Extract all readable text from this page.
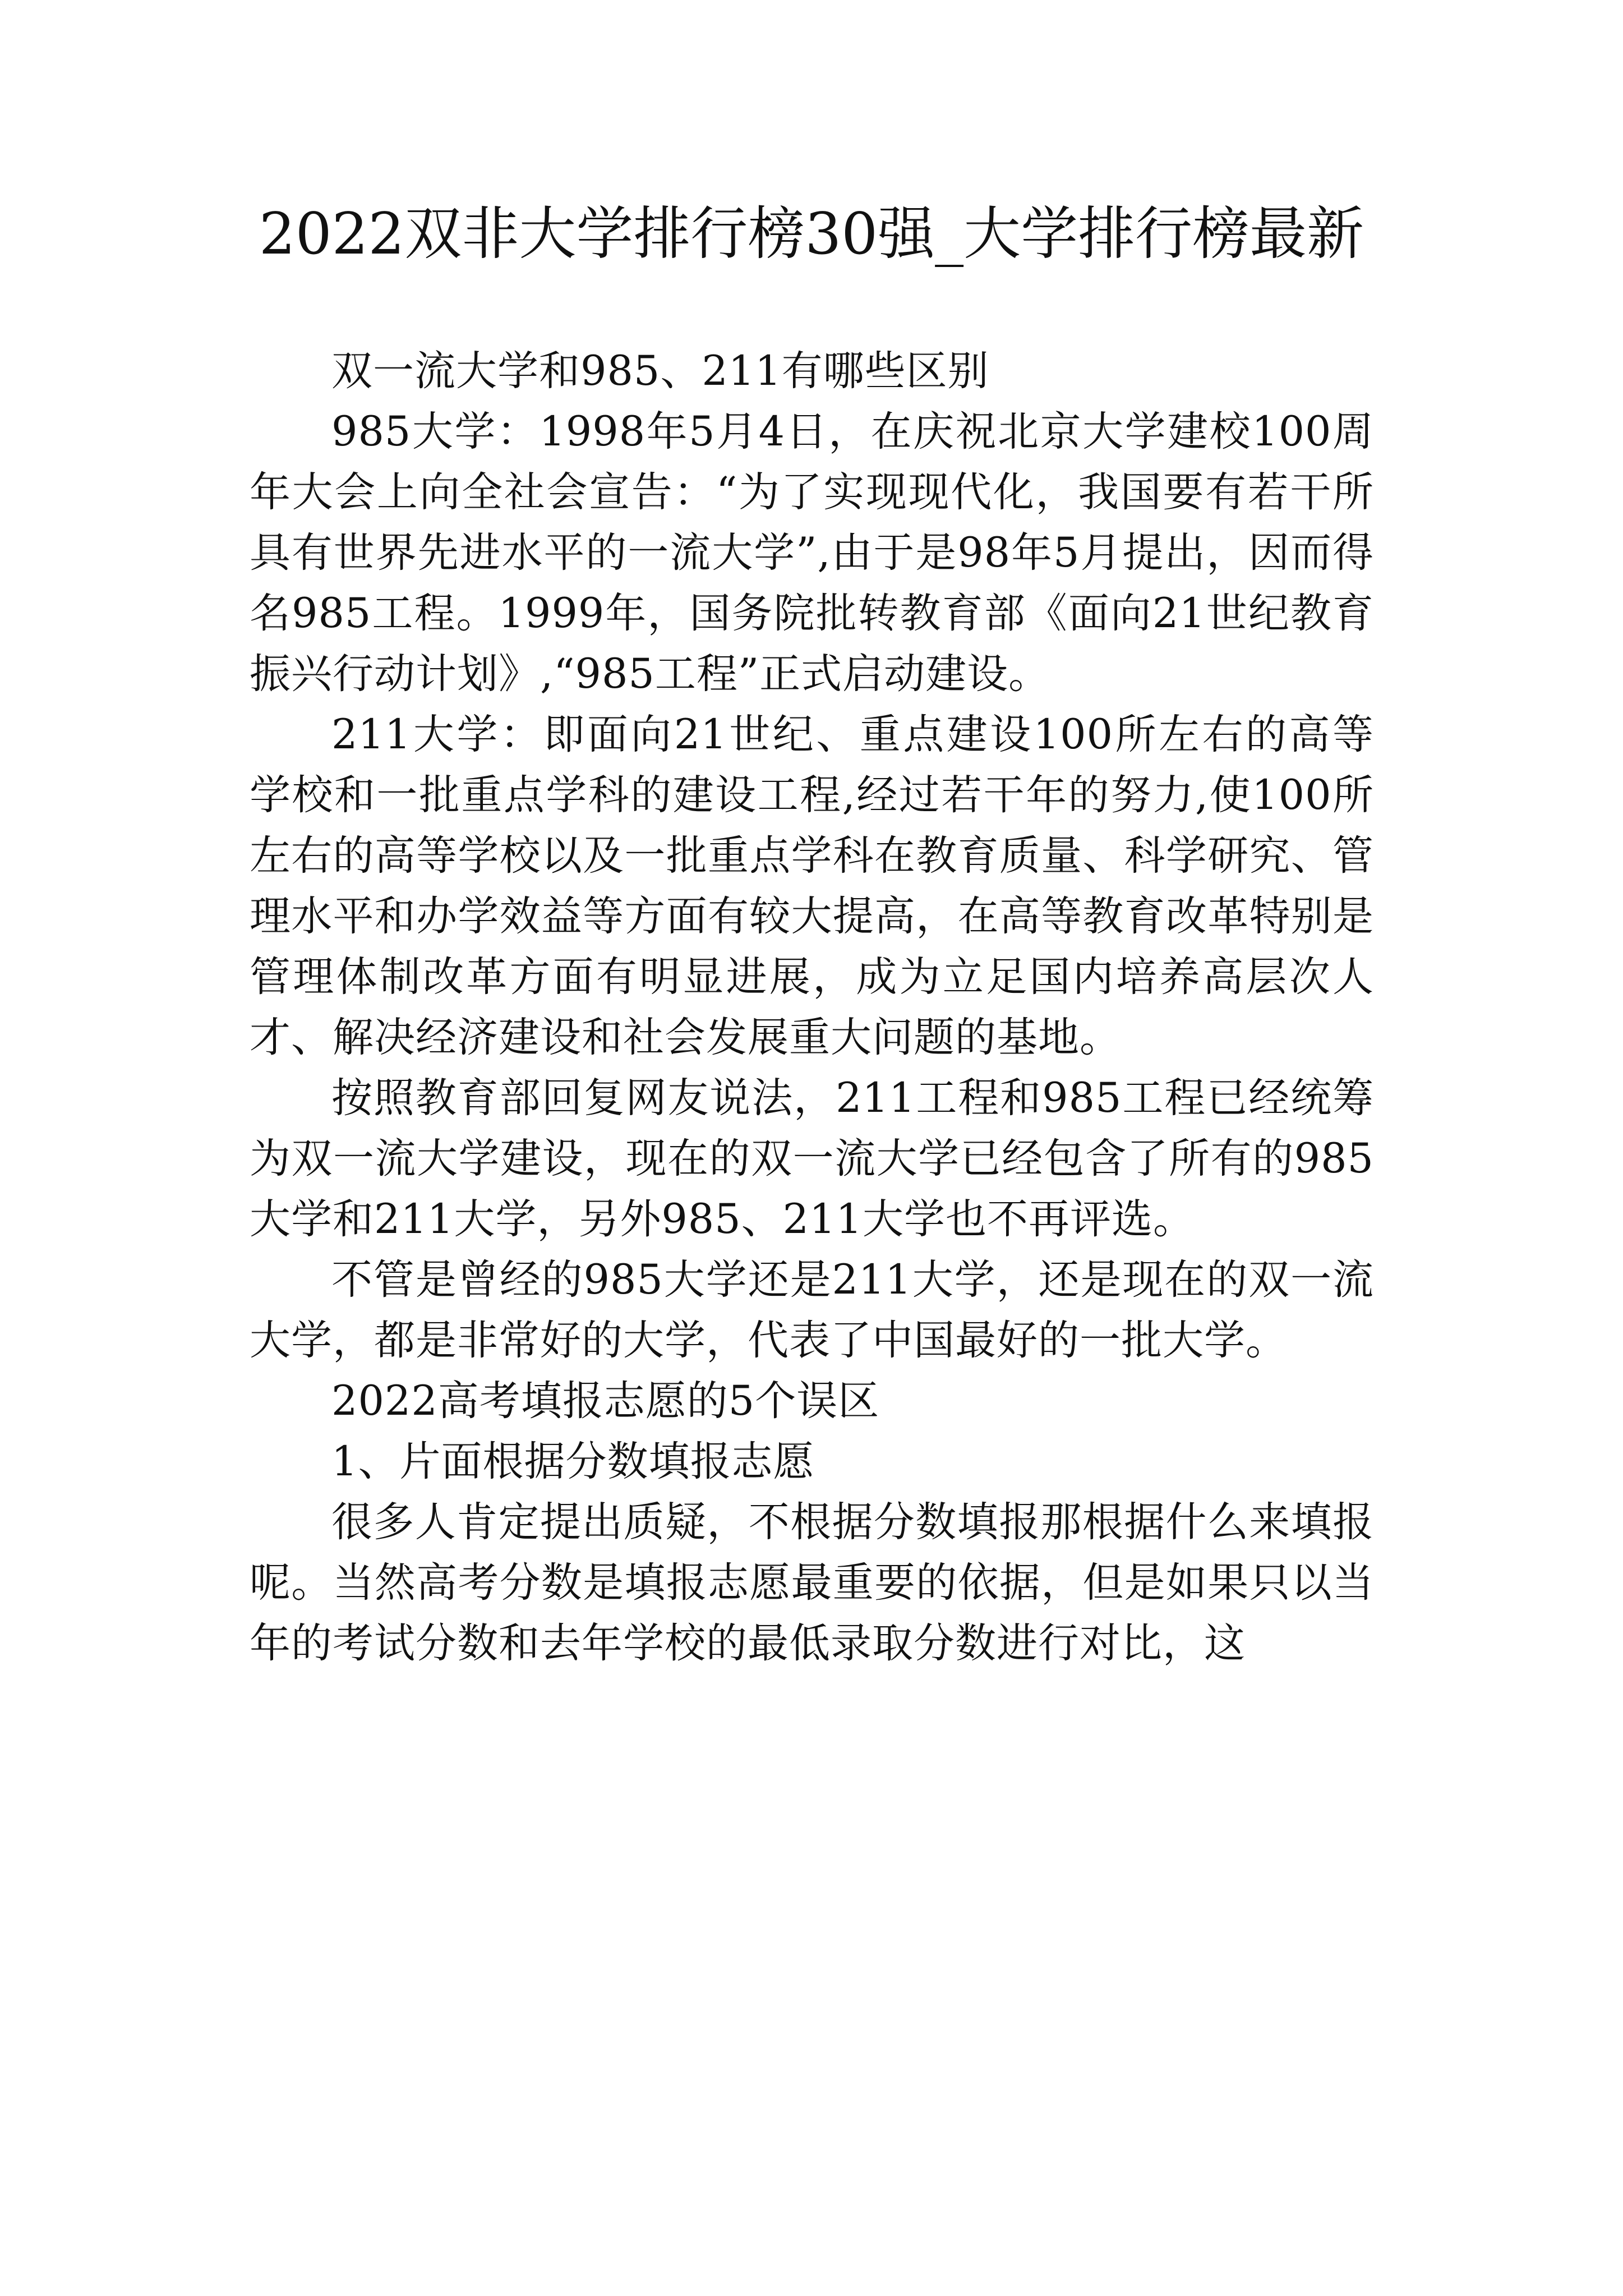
2022双非大学排行榜30强_大学排行榜最新

双一流大学和985、211有哪些区别

985大学：1998年5月4日，在庆祝北京大学建校100周年大会上向全社会宣告：“为了实现现代化，我国要有若干所具有世界先进水平的一流大学”,由于是98年5月提出，因而得名985工程。1999年，国务院批转教育部《面向21世纪教育振兴行动计划》,“985工程”正式启动建设。

211大学：即面向21世纪、重点建设100所左右的高等学校和一批重点学科的建设工程,经过若干年的努力,使100所左右的高等学校以及一批重点学科在教育质量、科学研究、管理水平和办学效益等方面有较大提高，在高等教育改革特别是管理体制改革方面有明显进展，成为立足国内培养高层次人才、解决经济建设和社会发展重大问题的基地。

按照教育部回复网友说法，211工程和985工程已经统筹为双一流大学建设，现在的双一流大学已经包含了所有的985大学和211大学，另外985、211大学也不再评选。

不管是曾经的985大学还是211大学，还是现在的双一流大学，都是非常好的大学，代表了中国最好的一批大学。

2022高考填报志愿的5个误区

1、片面根据分数填报志愿

很多人肯定提出质疑，不根据分数填报那根据什么来填报呢。当然高考分数是填报志愿最重要的依据，但是如果只以当年的考试分数和去年学校的最低录取分数进行对比，这
